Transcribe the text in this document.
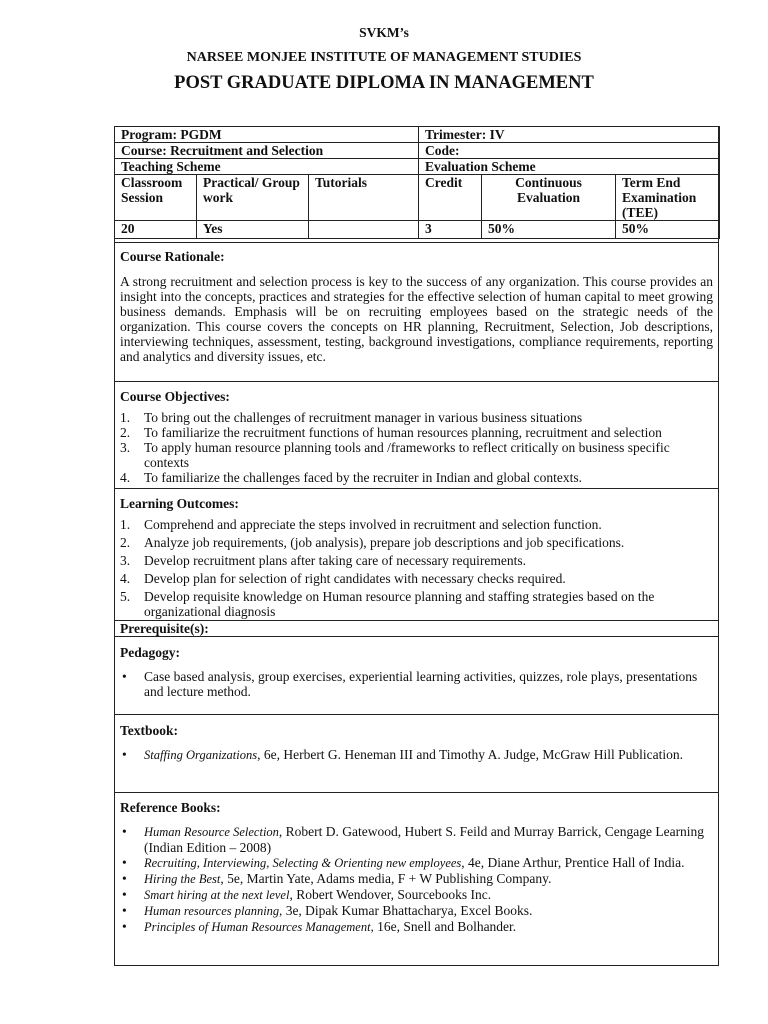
SVKM’s
NARSEE MONJEE INSTITUTE OF MANAGEMENT STUDIES
POST GRADUATE DIPLOMA IN MANAGEMENT
Program: PGDM			Trimester: IV		
Course: Recruitment and Selection			Code:		
Teaching Scheme			Evaluation Scheme		
Classroom Session	Practical/ Group work	Tutorials	Credit	Continuous Evaluation	Term End Examination (TEE)
20	Yes		3	50%	50%
Course Rationale:
A strong recruitment and selection process is key to the success of any organization. This course provides an insight into the concepts, practices and strategies for the effective selection of human capital to meet growing business demands. Emphasis will be on recruiting employees based on the strategic needs of the organization. This course covers the concepts on HR planning, Recruitment, Selection, Job descriptions, interviewing techniques, assessment, testing, background investigations, compliance requirements, reporting and analytics and diversity issues, etc.
Course Objectives:
1. To bring out the challenges of recruitment manager in various business situations
2. To familiarize the recruitment functions of human resources planning, recruitment and selection
3. To apply human resource planning tools and /frameworks to reflect critically on business specific contexts
4. To familiarize the challenges faced by the recruiter in Indian and global contexts.
Learning Outcomes:
1. Comprehend and appreciate the steps involved in recruitment and selection function.
2. Analyze job requirements, (job analysis), prepare job descriptions and job specifications.
3. Develop recruitment plans after taking care of necessary requirements.
4. Develop plan for selection of right candidates with necessary checks required.
5. Develop requisite knowledge on Human resource planning and staffing strategies based on the organizational diagnosis
Prerequisite(s):
Pedagogy:
• Case based analysis, group exercises, experiential learning activities, quizzes, role plays, presentations and lecture method.
Textbook:
• Staffing Organizations, 6e, Herbert G. Heneman III and Timothy A. Judge, McGraw Hill Publication.
Reference Books:
• Human Resource Selection, Robert D. Gatewood, Hubert S. Feild and Murray Barrick, Cengage Learning (Indian Edition – 2008)
• Recruiting, Interviewing, Selecting & Orienting new employees, 4e, Diane Arthur, Prentice Hall of India.
• Hiring the Best, 5e, Martin Yate, Adams media, F + W Publishing Company.
• Smart hiring at the next level, Robert Wendover, Sourcebooks Inc.
• Human resources planning, 3e, Dipak Kumar Bhattacharya, Excel Books.
• Principles of Human Resources Management, 16e, Snell and Bolhander.
